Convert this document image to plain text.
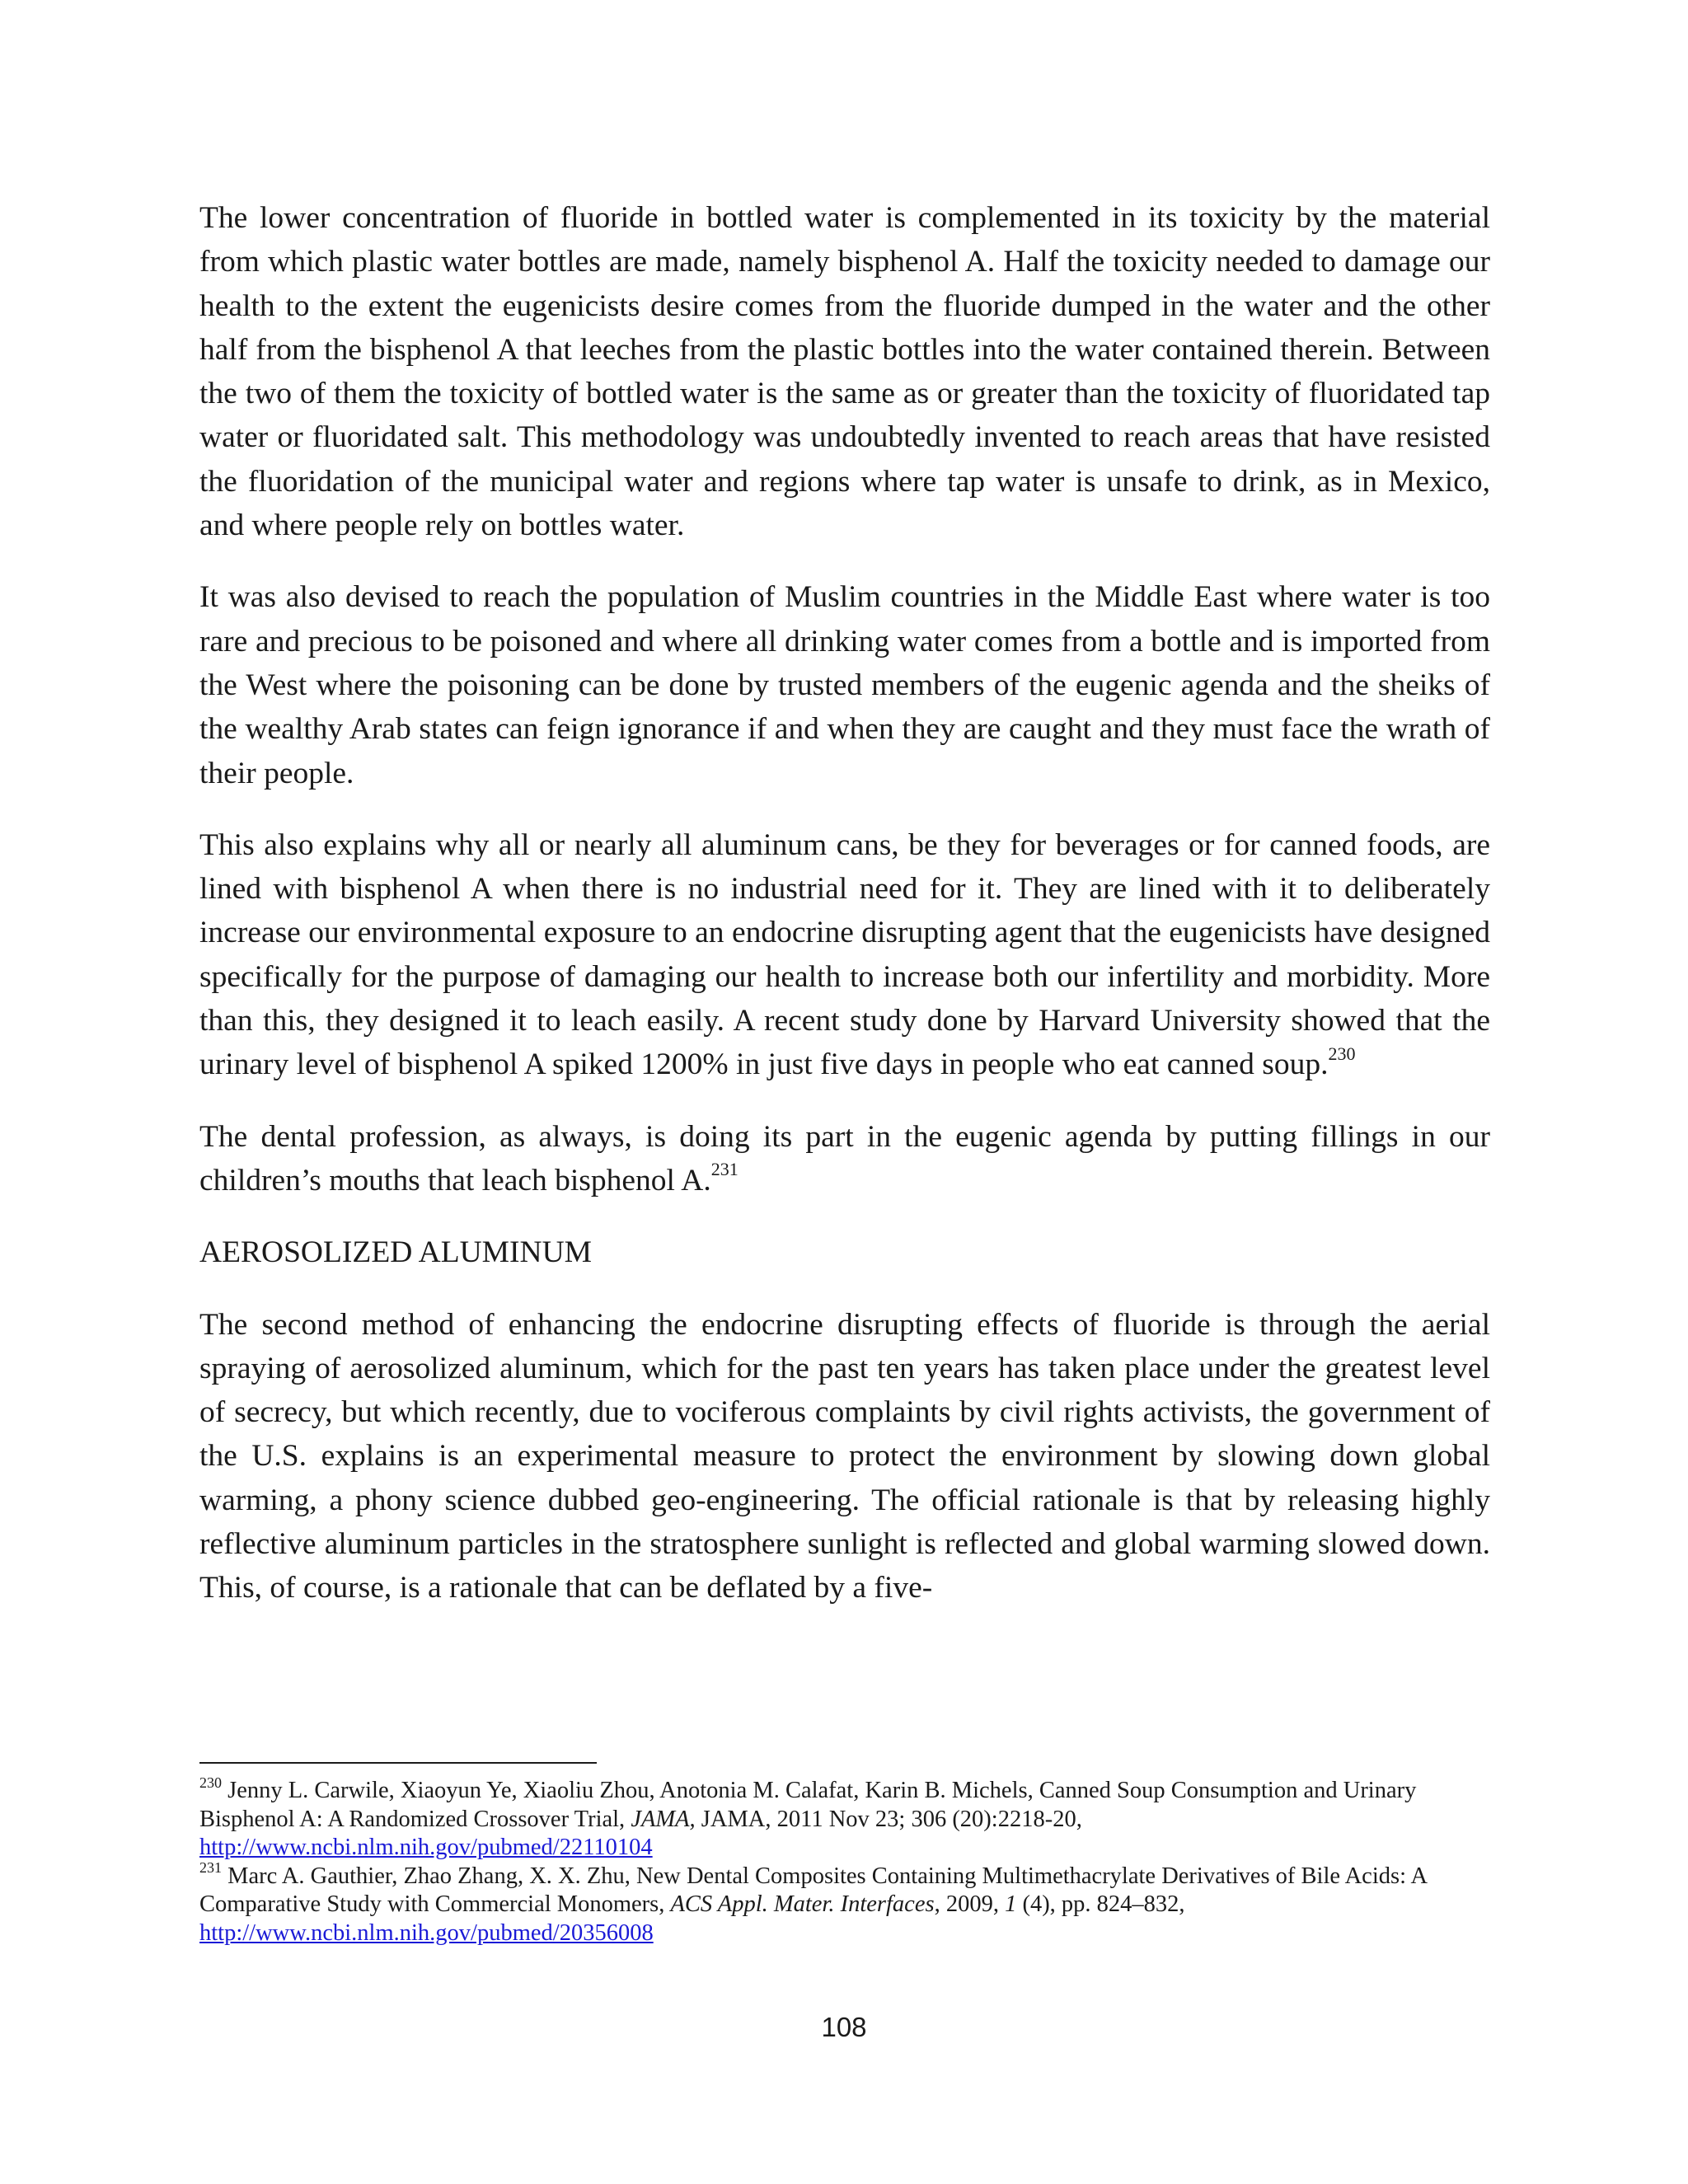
The lower concentration of fluoride in bottled water is complemented in its toxicity by the material from which plastic water bottles are made, namely bisphenol A. Half the toxicity needed to damage our health to the extent the eugenicists desire comes from the fluoride dumped in the water and the other half from the bisphenol A that leeches from the plastic bottles into the water contained therein. Between the two of them the toxicity of bottled water is the same as or greater than the toxicity of fluoridated tap water or fluoridated salt. This methodology was undoubtedly invented to reach areas that have resisted the fluoridation of the municipal water and regions where tap water is unsafe to drink, as in Mexico, and where people rely on bottles water.

It was also devised to reach the population of Muslim countries in the Middle East where water is too rare and precious to be poisoned and where all drinking water comes from a bottle and is imported from the West where the poisoning can be done by trusted members of the eugenic agenda and the sheiks of the wealthy Arab states can feign ignorance if and when they are caught and they must face the wrath of their people.

This also explains why all or nearly all aluminum cans, be they for beverages or for canned foods, are lined with bisphenol A when there is no industrial need for it. They are lined with it to deliberately increase our environmental exposure to an endocrine disrupting agent that the eugenicists have designed specifically for the purpose of damaging our health to increase both our infertility and morbidity. More than this, they designed it to leach easily. A recent study done by Harvard University showed that the urinary level of bisphenol A spiked 1200% in just five days in people who eat canned soup.$^{230}$

The dental profession, as always, is doing its part in the eugenic agenda by putting fillings in our children’s mouths that leach bisphenol A.$^{231}$

AEROSOLIZED ALUMINUM

The second method of enhancing the endocrine disrupting effects of fluoride is through the aerial spraying of aerosolized aluminum, which for the past ten years has taken place under the greatest level of secrecy, but which recently, due to vociferous complaints by civil rights activists, the government of the U.S. explains is an experimental measure to protect the environment by slowing down global warming, a phony science dubbed geo-engineering. The official rationale is that by releasing highly reflective aluminum particles in the stratosphere sunlight is reflected and global warming slowed down. This, of course, is a rationale that can be deflated by a five-

$^{230}$ Jenny L. Carwile, Xiaoyun Ye, Xiaoliu Zhou, Anotonia M. Calafat, Karin B. Michels, Canned Soup Consumption and Urinary Bisphenol A: A Randomized Crossover Trial, JAMA, JAMA, 2011 Nov 23; 306 (20):2218-20,
http://www.ncbi.nlm.nih.gov/pubmed/22110104

$^{231}$ Marc A. Gauthier, Zhao Zhang, X. X. Zhu, New Dental Composites Containing Multimethacrylate Derivatives of Bile Acids: A Comparative Study with Commercial Monomers, ACS Appl. Mater. Interfaces, 2009, 1 (4), pp. 824–832,
http://www.ncbi.nlm.nih.gov/pubmed/20356008

108
